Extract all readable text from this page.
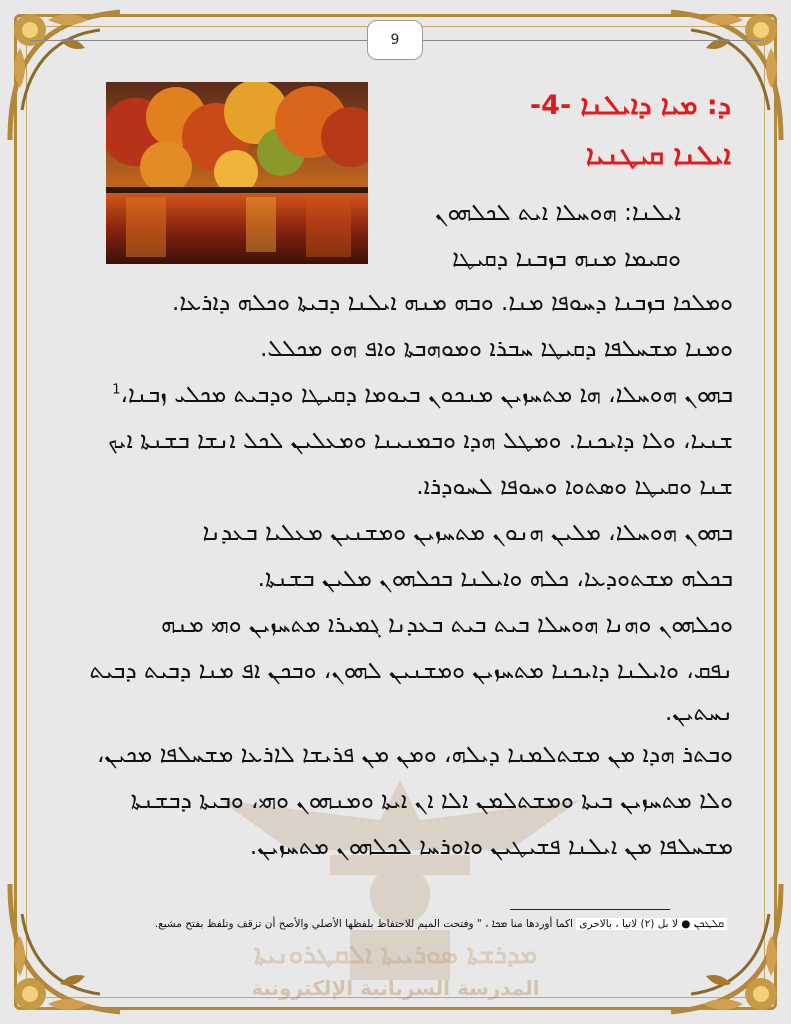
ܡܕܪܫܬܐ ܣܘܪܝܝܬܐ ܐܠܩܛܪܘܢܝܬܐ
المدرسة السريانية الإلكترونية
9
ܕ: ܡܝܐ ܕܐܝܠܢܐ -4-
ܐܝܠܢܐ ܩܝܛܢܝܐ
ܐܝܠܢܐ: ܗܘܚܠܐ ܐܝܬ ܠܟܠܗܘܢ
ܘܩܝܡܐ ܡܢܗ ܒܙܒܢܐ ܕܩܝܛܐ
ܘܡܠܟܐ ܒܙܒܢܐ ܕܚܘܦܐ ܡܢܐ. ܘܒܗ ܡܢܗ ܐܝܠܢܐ ܕܒܝܬܐ ܘܟܠܗ ܕܐܪܥܐ.
ܘܡܢܐ ܡܫܚܠܦܐ ܕܩܝܛܐ ܚܒܪܐ ܘܡܘܗܒܬܐ ܘܐܦ ܗܘ ܡܟܠܠ.
ܒܗܘܢ ܗܘܚܠܐ، ܗܐ ܡܬܚܙܝܢ ܡܢܟܘܢ ܒܝܘܡܐ ܕܩܝܛܐ ܘܕܒܝܬ ܡܟܠܝ ܙܒܢܐ،$^1$
ܫܢܝܐ، ܘܠܐ ܕܐܝܟܢܐ. ܘܡܛܠ ܗܕܐ ܘܒܡܢܝܢܐ ܘܡܥܠܝܢ ܠܟܠ ܐܢܫܐ ܒܫܢܬܐ ܐܝܟ
ܫܢܐ ܘܩܝܛܐ ܘܣܬܘܐ ܘܚܘܦܐ ܠܚܘܕܪܐ.
ܒܗܘܢ ܗܘܚܠܐ، ܡܠܝܢ ܗܢܘܢ ܡܬܚܙܝܢ ܘܡܫܢܝܢ ܡܥܠܝܐ ܒܥܕܢܐ
ܒܟܠܗ ܡܫܬܘܕܥܐ، ܟܠܗ ܘܐܝܠܢܐ ܒܟܠܗܘܢ ܡܠܝܢ ܒܫܢܬܐ.
ܘܟܠܗܘܢ ܘܗܢܐ ܗܘܚܠܐ ܒܝܬ ܒܝܬ ܒܥܕܢܐ ܓܡܝܪܐ ܡܬܚܙܝܢ ܘܗܝ ܡܢܗ
ܢܦܩ، ܘܐܝܠܢܐ ܕܐܝܟܢܐ ܡܬܚܙܝܢ ܘܡܫܢܝܢ ܠܗܘܢ، ܘܒܟܢ ܐܦ ܡܢܐ ܕܒܝܬ ܕܒܝܬ
ܢܚܬܝܢ.
ܘܒܬܪ ܗܕܐ ܡܢ ܡܫܬܠܡܢܐ ܕܝܠܗ، ܘܡܢ ܡܢ ܦܪܝܫܐ ܠܐܪܥܐ ܡܫܚܠܦܐ ܡܟܝܢ،
ܘܠܐ ܡܬܚܙܝܢ ܒܝܬܐ ܘܡܫܬܠܡܢ ܐܠܐ ܐܢ ܐܝܬܐ ܘܡܢܗܘܢ ܘܗܝ، ܘܒܝܬܐ ܕܒܫܢܬܐ
ܡܫܚܠܦܐ ܡܢ ܐܝܠܢܐ ܦܫܝܛܝܢ ܘܐܘܪܚܐ ܠܟܠܗܘܢ ܡܬܚܙܝܢ.
ܩܠܛܟܢ ● لا بل (٢) لاتيا ، بالاحرى اكما أوردها منا ܡܟܐ ، " وفتحت الميم للاحتفاظ بلفظها الأصلي والأصح أن تزقف وتلفظ بفتح مشبع.
